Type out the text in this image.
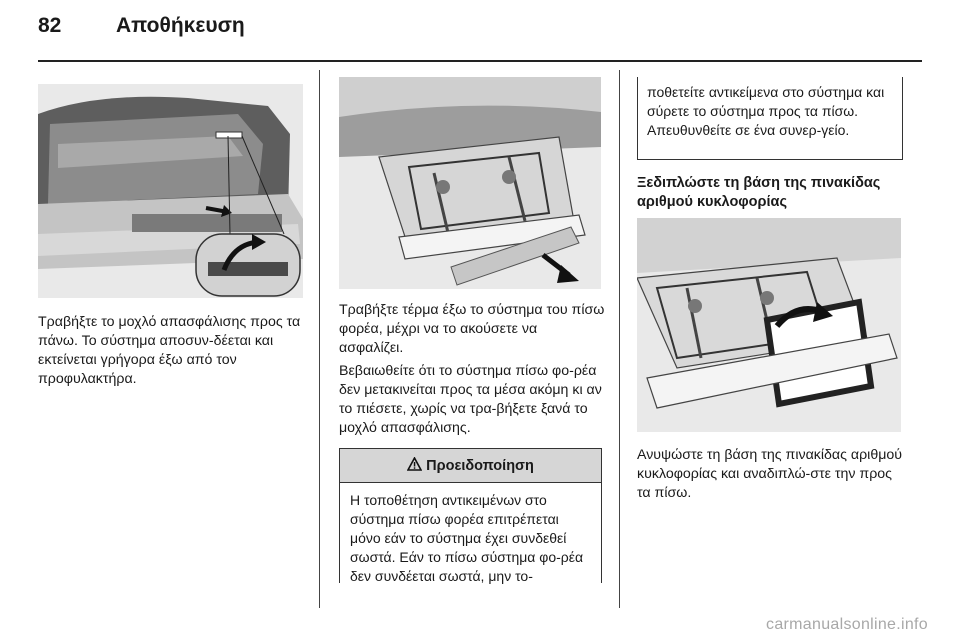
82	Αποθήκευση
Τραβήξτε το μοχλό απασφάλισης προς τα πάνω. Το σύστημα αποσυν-δέεται και εκτείνεται γρήγορα έξω από τον προφυλακτήρα.

Τραβήξτε τέρμα έξω το σύστημα του πίσω φορέα, μέχρι να το ακούσετε να ασφαλίζει.

Βεβαιωθείτε ότι το σύστημα πίσω φο-ρέα δεν μετακινείται προς τα μέσα ακόμη κι αν το πιέσετε, χωρίς να τρα-βήξετε ξανά το μοχλό απασφάλισης.

Προειδοποίηση
Η τοποθέτηση αντικειμένων στο σύστημα πίσω φορέα επιτρέπεται μόνο εάν το σύστημα έχει συνδεθεί σωστά. Εάν το πίσω σύστημα φο-ρέα δεν συνδέεται σωστά, μην το-
ποθετείτε αντικείμενα στο σύστημα και σύρετε το σύστημα προς τα πίσω. Απευθυνθείτε σε ένα συνερ-γείο.
Ξεδιπλώστε τη βάση της πινακίδας αριθμού κυκλοφορίας
Ανυψώστε τη βάση της πινακίδας αριθμού κυκλοφορίας και αναδιπλώ-στε την προς τα πίσω.
carmanualsonline.info
